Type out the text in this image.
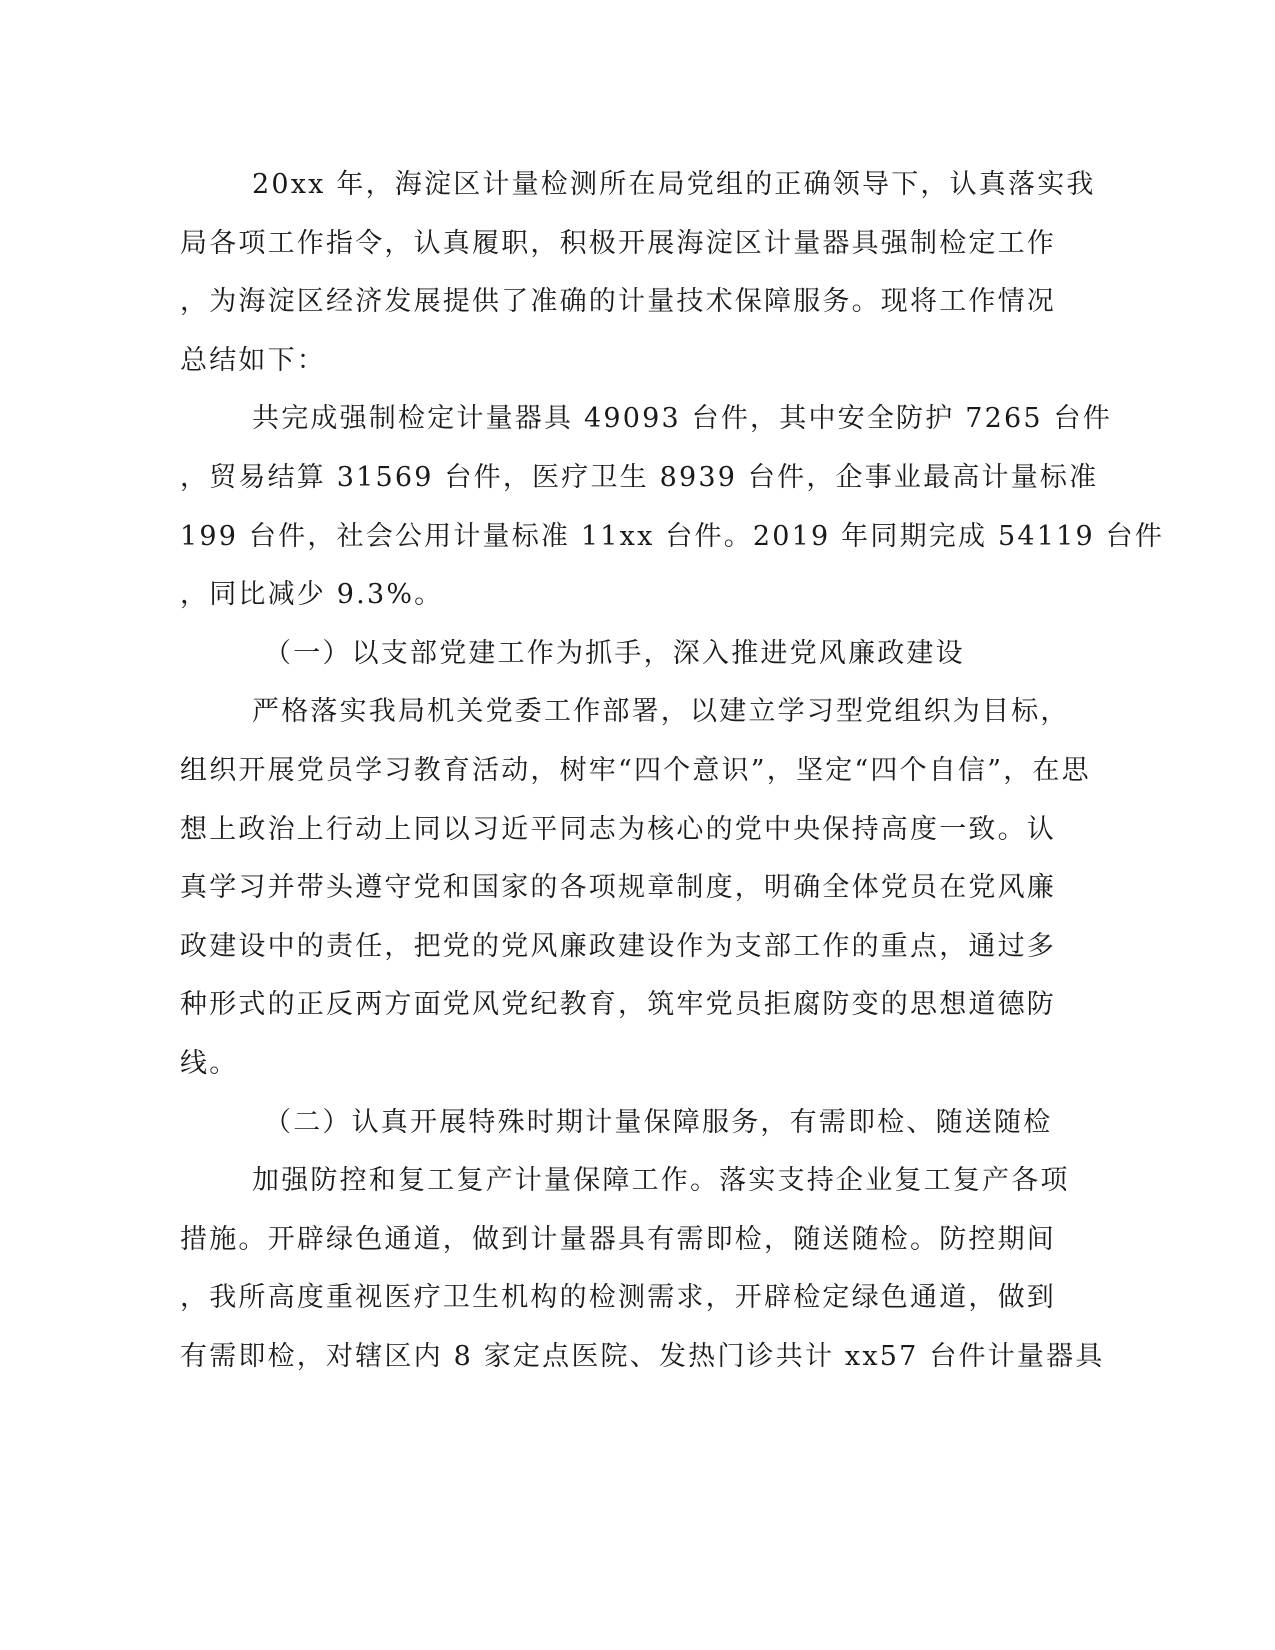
20xx 年，海淀区计量检测所在局党组的正确领导下，认真落实我
局各项工作指令，认真履职，积极开展海淀区计量器具强制检定工作
，为海淀区经济发展提供了准确的计量技术保障服务。现将工作情况
总结如下：
共完成强制检定计量器具 49093 台件，其中安全防护 7265 台件
，贸易结算 31569 台件，医疗卫生 8939 台件，企事业最高计量标准
199 台件，社会公用计量标准 11xx 台件。2019 年同期完成 54119 台件
，同比减少 9.3%。
（一）以支部党建工作为抓手，深入推进党风廉政建设
严格落实我局机关党委工作部署，以建立学习型党组织为目标，
组织开展党员学习教育活动，树牢“四个意识”，坚定“四个自信”，在思
想上政治上行动上同以习近平同志为核心的党中央保持高度一致。认
真学习并带头遵守党和国家的各项规章制度，明确全体党员在党风廉
政建设中的责任，把党的党风廉政建设作为支部工作的重点，通过多
种形式的正反两方面党风党纪教育，筑牢党员拒腐防变的思想道德防
线。
（二）认真开展特殊时期计量保障服务，有需即检、随送随检
加强防控和复工复产计量保障工作。落实支持企业复工复产各项
措施。开辟绿色通道，做到计量器具有需即检，随送随检。防控期间
，我所高度重视医疗卫生机构的检测需求，开辟检定绿色通道，做到
有需即检，对辖区内 8 家定点医院、发热门诊共计 xx57 台件计量器具
